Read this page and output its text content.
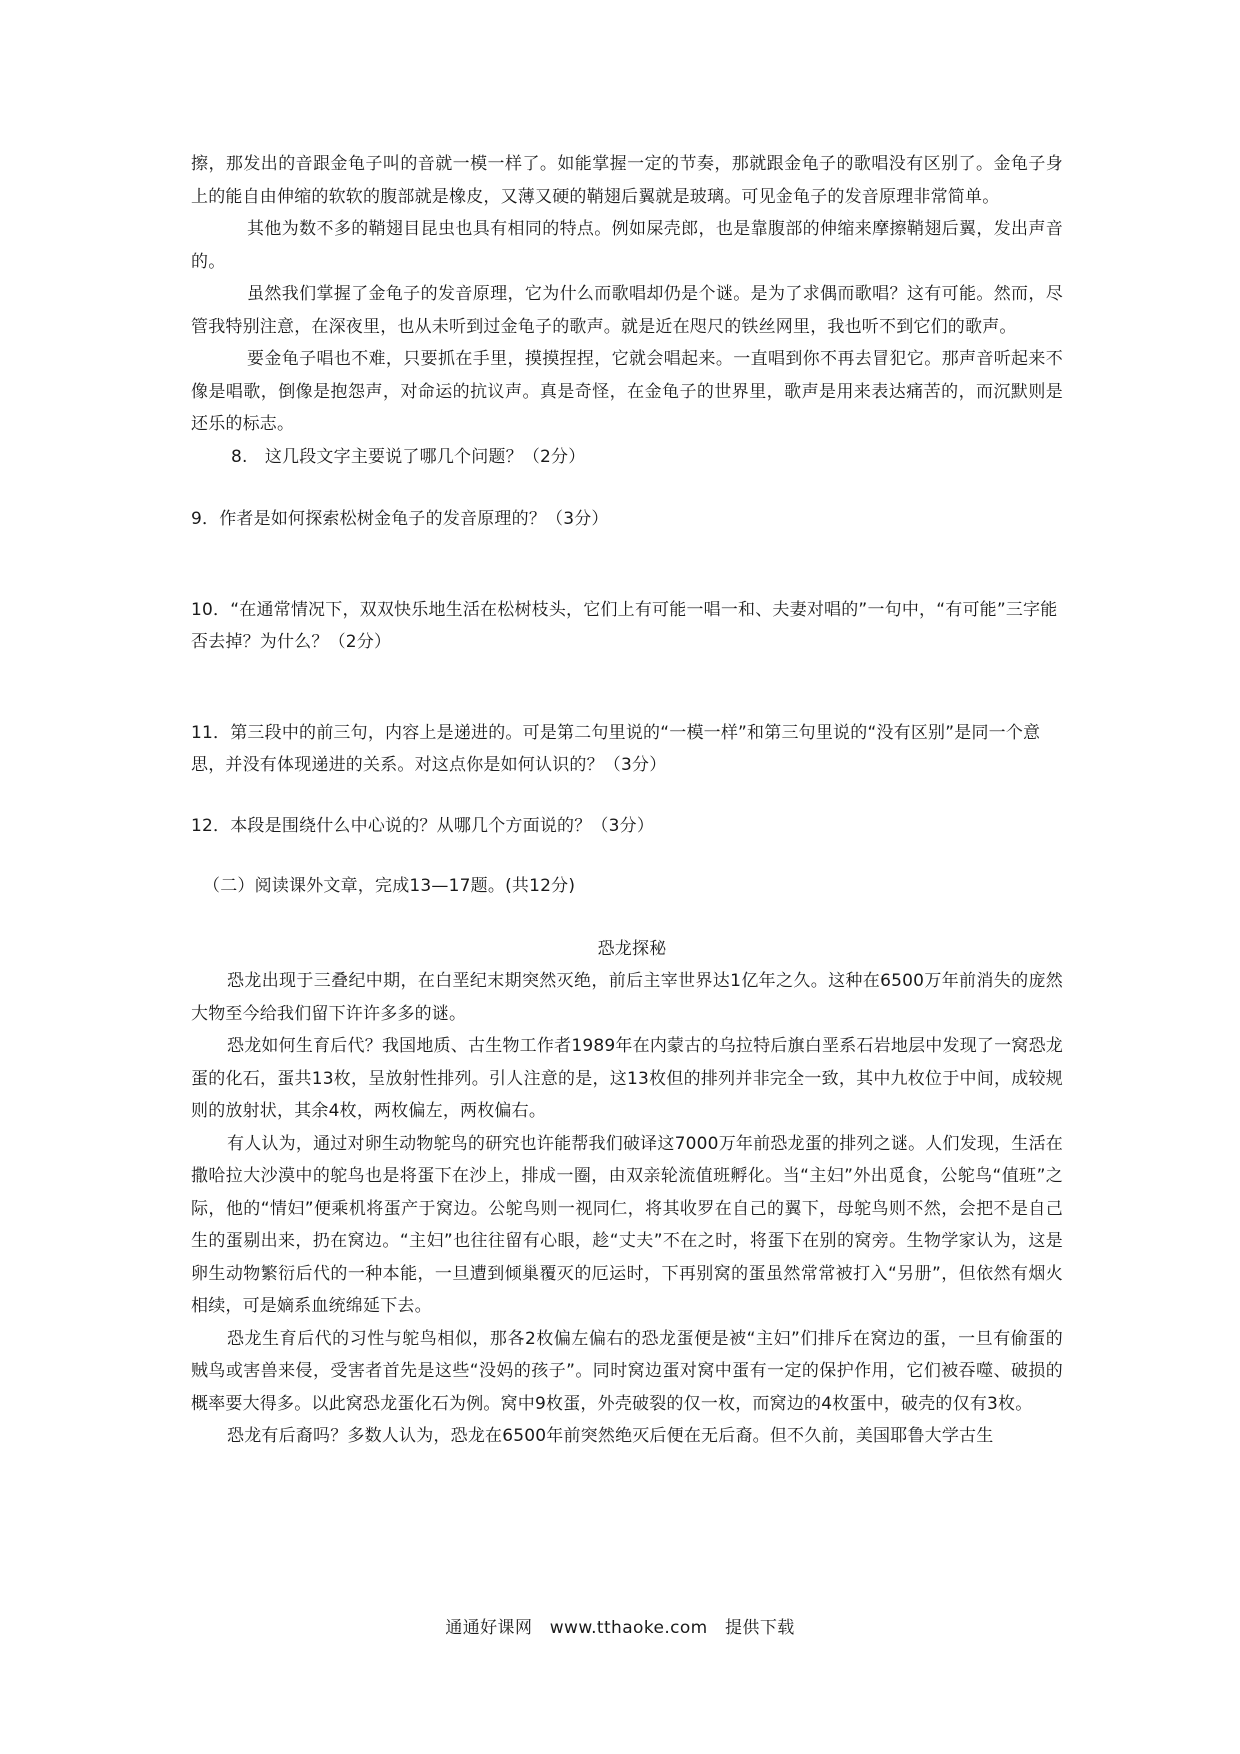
擦，那发出的音跟金龟子叫的音就一模一样了。如能掌握一定的节奏，那就跟金龟子的歌唱没有区别了。金龟子身上的能自由伸缩的软软的腹部就是橡皮，又薄又硬的鞘翅后翼就是玻璃。可见金龟子的发音原理非常简单。

其他为数不多的鞘翅目昆虫也具有相同的特点。例如屎壳郎，也是靠腹部的伸缩来摩擦鞘翅后翼，发出声音的。

虽然我们掌握了金龟子的发音原理，它为什么而歌唱却仍是个谜。是为了求偶而歌唱？这有可能。然而，尽管我特别注意，在深夜里，也从未听到过金龟子的歌声。就是近在咫尺的铁丝网里，我也听不到它们的歌声。

要金龟子唱也不难，只要抓在手里，摸摸捏捏，它就会唱起来。一直唱到你不再去冒犯它。那声音听起来不像是唱歌，倒像是抱怨声，对命运的抗议声。真是奇怪，在金龟子的世界里，歌声是用来表达痛苦的，而沉默则是还乐的标志。

8.　这几段文字主要说了哪几个问题？（2分）

9．作者是如何探索松树金龟子的发音原理的？（3分）

10．“在通常情况下，双双快乐地生活在松树枝头，它们上有可能一唱一和、夫妻对唱的”一句中，“有可能”三字能否去掉？为什么？（2分）

11．第三段中的前三句，内容上是递进的。可是第二句里说的“一模一样”和第三句里说的“没有区别”是同一个意思，并没有体现递进的关系。对这点你是如何认识的？（3分）

12．本段是围绕什么中心说的？从哪几个方面说的？（3分）

（二）阅读课外文章，完成13—17题。(共12分)

恐龙探秘

恐龙出现于三叠纪中期，在白垩纪末期突然灭绝，前后主宰世界达1亿年之久。这种在6500万年前消失的庞然大物至今给我们留下许许多多的谜。

恐龙如何生育后代？我国地质、古生物工作者1989年在内蒙古的乌拉特后旗白垩系石岩地层中发现了一窝恐龙蛋的化石，蛋共13枚，呈放射性排列。引人注意的是，这13枚但的排列并非完全一致，其中九枚位于中间，成较规则的放射状，其余4枚，两枚偏左，两枚偏右。

有人认为，通过对卵生动物鸵鸟的研究也许能帮我们破译这7000万年前恐龙蛋的排列之谜。人们发现，生活在撒哈拉大沙漠中的鸵鸟也是将蛋下在沙上，排成一圈，由双亲轮流值班孵化。当“主妇”外出觅食，公鸵鸟“值班”之际，他的“情妇”便乘机将蛋产于窝边。公鸵鸟则一视同仁，将其收罗在自己的翼下，母鸵鸟则不然，会把不是自己生的蛋剔出来，扔在窝边。“主妇”也往往留有心眼，趁“丈夫”不在之时，将蛋下在别的窝旁。生物学家认为，这是卵生动物繁衍后代的一种本能，一旦遭到倾巢覆灭的厄运时，下再别窝的蛋虽然常常被打入“另册”，但依然有烟火相续，可是嫡系血统绵延下去。

恐龙生育后代的习性与鸵鸟相似，那各2枚偏左偏右的恐龙蛋便是被“主妇”们排斥在窝边的蛋，一旦有偷蛋的贼鸟或害兽来侵，受害者首先是这些“没妈的孩子”。同时窝边蛋对窝中蛋有一定的保护作用，它们被吞噬、破损的概率要大得多。以此窝恐龙蛋化石为例。窝中9枚蛋，外壳破裂的仅一枚，而窝边的4枚蛋中，破壳的仅有3枚。

恐龙有后裔吗？多数人认为，恐龙在6500年前突然绝灭后便在无后裔。但不久前，美国耶鲁大学古生

通通好课网　www.tthaoke.com　提供下载
